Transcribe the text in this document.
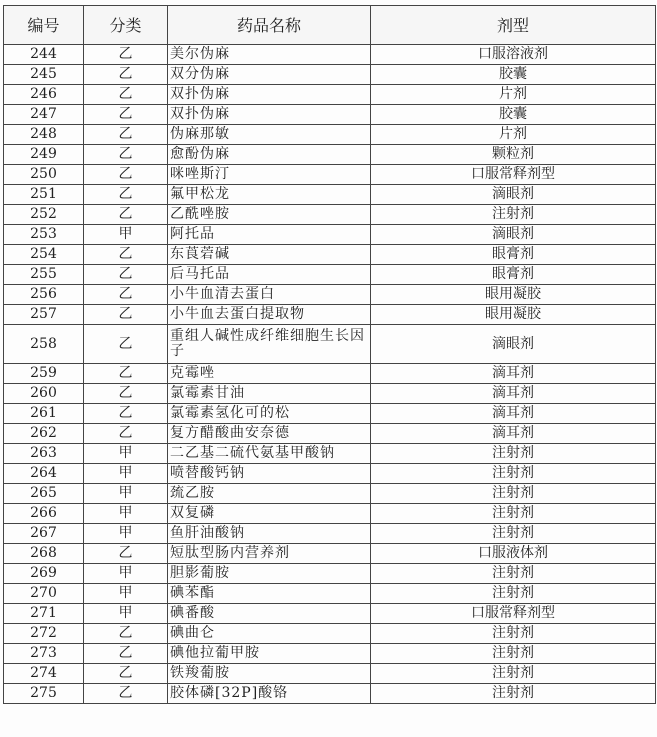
编号	分类	药品名称	剂型
244	乙	美尔伪麻	口服溶液剂
245	乙	双分伪麻	胶囊
246	乙	双扑伪麻	片剂
247	乙	双扑伪麻	胶囊
248	乙	伪麻那敏	片剂
249	乙	愈酚伪麻	颗粒剂
250	乙	咪唑斯汀	口服常释剂型
251	乙	氟甲松龙	滴眼剂
252	乙	乙酰唑胺	注射剂
253	甲	阿托品	滴眼剂
254	乙	东莨菪碱	眼膏剂
255	乙	后马托品	眼膏剂
256	乙	小牛血清去蛋白	眼用凝胶
257	乙	小牛血去蛋白提取物	眼用凝胶
258	乙	重组人碱性成纤维细胞生长因子	滴眼剂
259	乙	克霉唑	滴耳剂
260	乙	氯霉素甘油	滴耳剂
261	乙	氯霉素氢化可的松	滴耳剂
262	乙	复方醋酸曲安奈德	滴耳剂
263	甲	二乙基二硫代氨基甲酸钠	注射剂
264	甲	喷替酸钙钠	注射剂
265	甲	巯乙胺	注射剂
266	甲	双复磷	注射剂
267	甲	鱼肝油酸钠	注射剂
268	乙	短肽型肠内营养剂	口服液体剂
269	甲	胆影葡胺	注射剂
270	甲	碘苯酯	注射剂
271	甲	碘番酸	口服常释剂型
272	乙	碘曲仑	注射剂
273	乙	碘他拉葡甲胺	注射剂
274	乙	铁羧葡胺	注射剂
275	乙	胶体磷[32P]酸铬	注射剂
